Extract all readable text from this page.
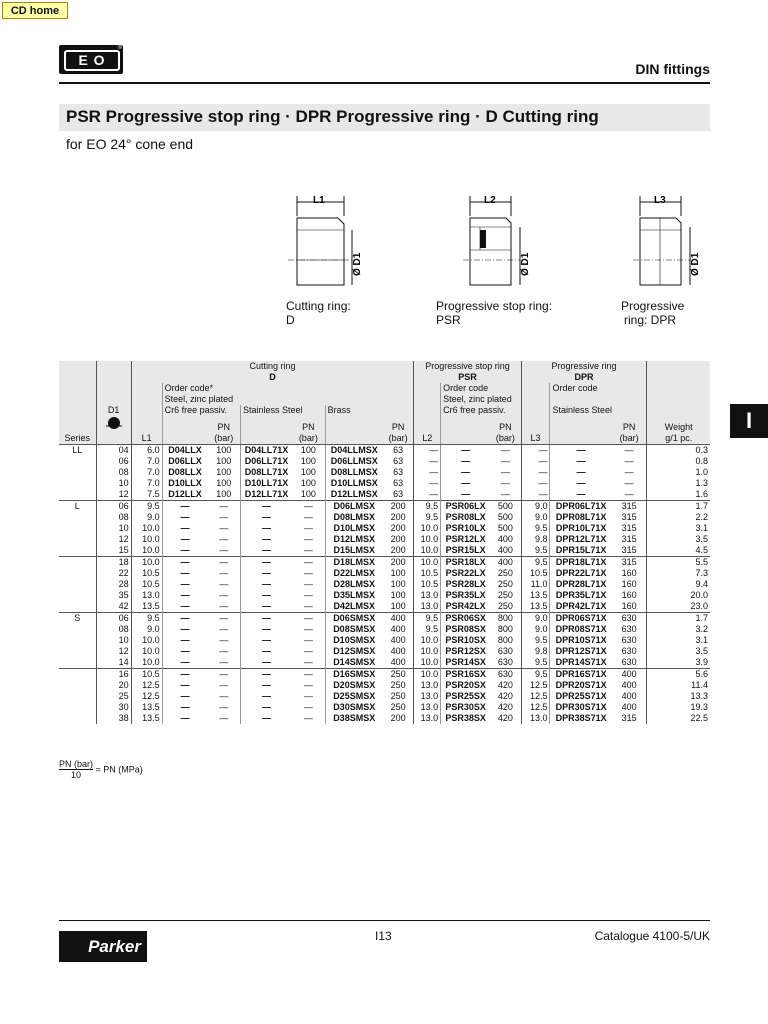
CD home
E O
®
DIN fittings
PSR Progressive stop ring · DPR Progressive ring · D Cutting ring
for EO 24° cone end
L1	L2	L3
Ø D1	Ø D1	Ø D1
Cutting ring:
D
Progressive stop ring:
PSR
Progressive
ring: DPR
I
		Cutting ring							Progressive stop ring			Progressive ring			
		D							PSR			DPR			
			Order code*							Order code			Order code		
			Steel, zinc plated							Steel, zinc plated					
	D1		Cr6 free passiv.		Stainless Steel		Brass			Cr6 free passiv.			Stainless Steel		
				PN		PN		PN			PN			PN	Weight
Series		L1		(bar)		(bar)		(bar)	L2		(bar)	L3		(bar)	g/1 pc.
LL	04	6.0	D04LLX	100	D04LL71X	100	D04LLMSX	63	—	—	—	—	—	—	0.3
	06	7.0	D06LLX	100	D06LL71X	100	D06LLMSX	63	—	—	—	—	—	—	0.8
	08	7.0	D08LLX	100	D08LL71X	100	D08LLMSX	63	—	—	—	—	—	—	1.0
	10	7.0	D10LLX	100	D10LL71X	100	D10LLMSX	63	—	—	—	—	—	—	1.3
	12	7.5	D12LLX	100	D12LL71X	100	D12LLMSX	63	—	—	—	—	—	—	1.6
L	06	9.5	—	—	—	—	D06LMSX	200	9.5	PSR06LX	500	9.0	DPR06L71X	315	1.7
	08	9.0	—	—	—	—	D08LMSX	200	9.5	PSR08LX	500	9.0	DPR08L71X	315	2.2
	10	10.0	—	—	—	—	D10LMSX	200	10.0	PSR10LX	500	9.5	DPR10L71X	315	3.1
	12	10.0	—	—	—	—	D12LMSX	200	10.0	PSR12LX	400	9.8	DPR12L71X	315	3.5
	15	10.0	—	—	—	—	D15LMSX	200	10.0	PSR15LX	400	9.5	DPR15L71X	315	4.5
	18	10.0	—	—	—	—	D18LMSX	200	10.0	PSR18LX	400	9.5	DPR18L71X	315	5.5
	22	10.5	—	—	—	—	D22LMSX	100	10.5	PSR22LX	250	10.5	DPR22L71X	160	7.3
	28	10.5	—	—	—	—	D28LMSX	100	10.5	PSR28LX	250	11.0	DPR28L71X	160	9.4
	35	13.0	—	—	—	—	D35LMSX	100	13.0	PSR35LX	250	13.5	DPR35L71X	160	20.0
	42	13.5	—	—	—	—	D42LMSX	100	13.0	PSR42LX	250	13.5	DPR42L71X	160	23.0
S	06	9.5	—	—	—	—	D06SMSX	400	9.5	PSR06SX	800	9.0	DPR06S71X	630	1.7
	08	9.0	—	—	—	—	D08SMSX	400	9.5	PSR08SX	800	9.0	DPR08S71X	630	3.2
	10	10.0	—	—	—	—	D10SMSX	400	10.0	PSR10SX	800	9.5	DPR10S71X	630	3.1
	12	10.0	—	—	—	—	D12SMSX	400	10.0	PSR12SX	630	9.8	DPR12S71X	630	3.5
	14	10.0	—	—	—	—	D14SMSX	400	10.0	PSR14SX	630	9.5	DPR14S71X	630	3.9
	16	10.5	—	—	—	—	D16SMSX	250	10.0	PSR16SX	630	9.5	DPR16S71X	400	5.6
	20	12.5	—	—	—	—	D20SMSX	250	13.0	PSR20SX	420	12.5	DPR20S71X	400	11.4
	25	12.5	—	—	—	—	D25SMSX	250	13.0	PSR25SX	420	12.5	DPR25S71X	400	13.3
	30	13.5	—	—	—	—	D30SMSX	250	13.0	PSR30SX	420	12.5	DPR30S71X	400	19.3
	38	13.5	—	—	—	—	D38SMSX	200	13.0	PSR38SX	420	13.0	DPR38S71X	315	22.5
PN (bar)
10
= PN (MPa)
Parker
I13	Catalogue 4100-5/UK
